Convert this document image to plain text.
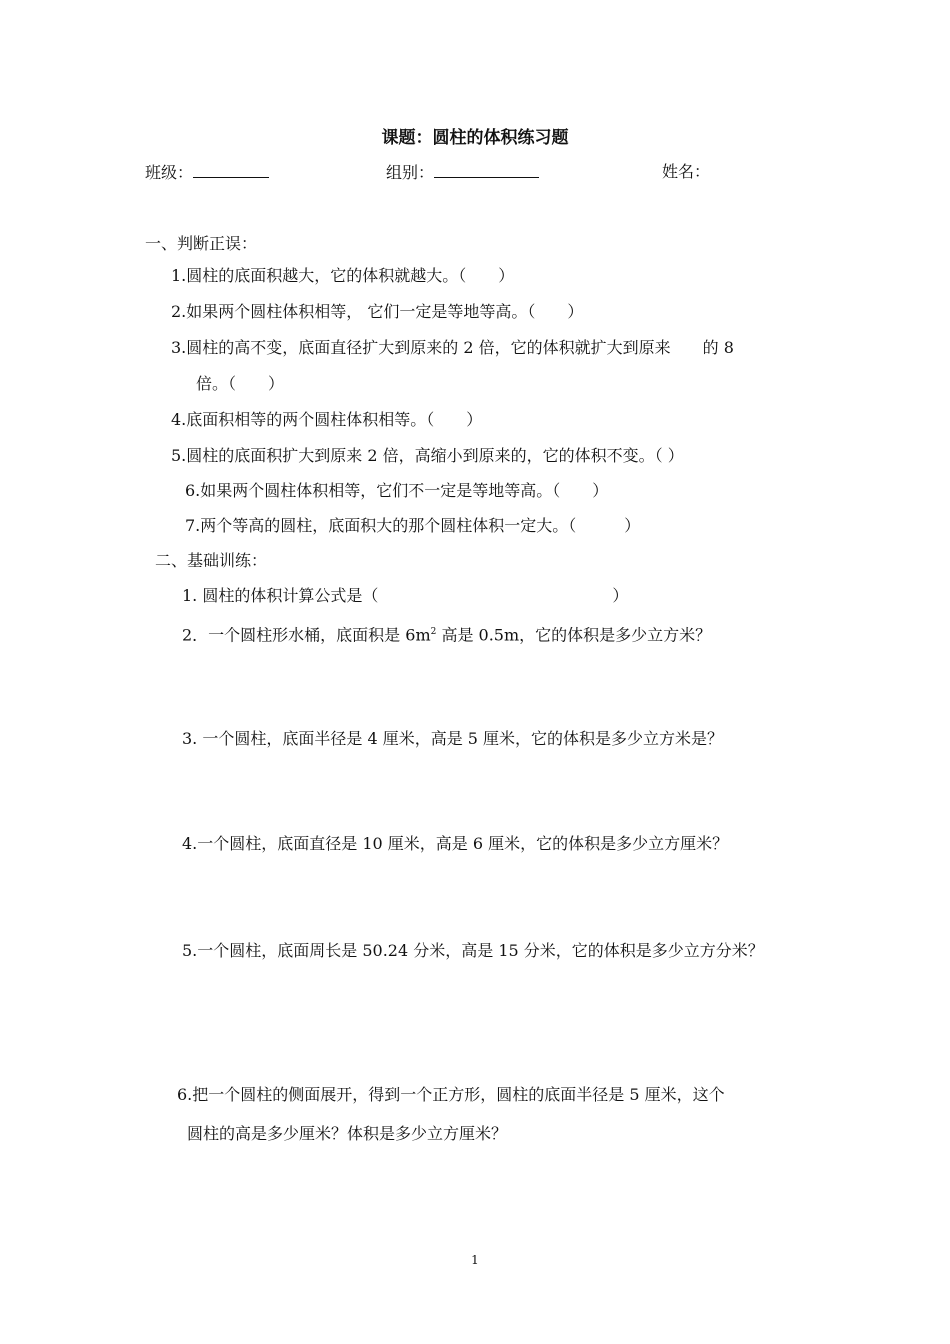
课题：圆柱的体积练习题
班级：	组别：	姓名：
一、判断正误：
1.圆柱的底面积越大，它的体积就越大。（　　）
2.如果两个圆柱体积相等， 它们一定是等地等高。（　　）
3.圆柱的高不变，底面直径扩大到原来的 2 倍，它的体积就扩大到原来　　的 8
倍。（　　）
4.底面积相等的两个圆柱体积相等。（　　）
5.圆柱的底面积扩大到原来 2 倍，高缩小到原来的，它的体积不变。（ ）
6.如果两个圆柱体积相等，它们不一定是等地等高。（　　）
7.两个等高的圆柱，底面积大的那个圆柱体积一定大。（　　　）
二、基础训练：
1. 圆柱的体积计算公式是（	）
2．一个圆柱形水桶，底面积是 $6m^2$ 高是 0.5m，它的体积是多少立方米？
3. 一个圆柱，底面半径是 4 厘米，高是 5 厘米，它的体积是多少立方米是？
4.一个圆柱，底面直径是 10 厘米，高是 6 厘米，它的体积是多少立方厘米？
5.一个圆柱，底面周长是 50.24 分米，高是 15 分米，它的体积是多少立方分米？
6.把一个圆柱的侧面展开，得到一个正方形，圆柱的底面半径是 5 厘米，这个
圆柱的高是多少厘米？体积是多少立方厘米？
1
